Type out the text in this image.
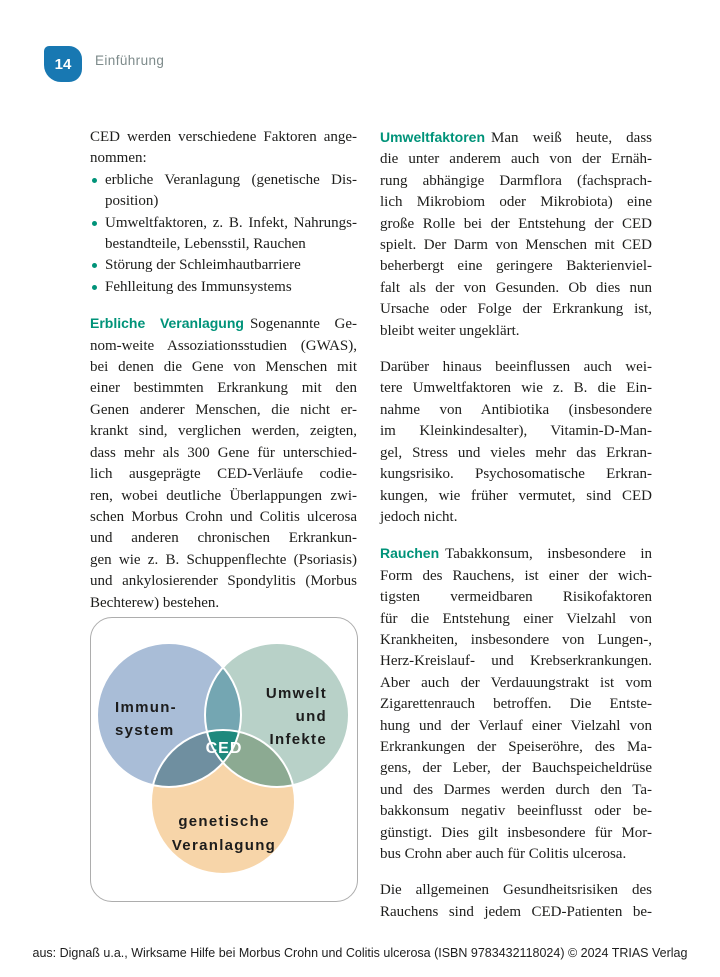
14	Einführung
CED werden verschiedene Faktoren ange-
nommen:
erbliche Veranlagung (genetische Dis-
position)
Umweltfaktoren, z. B. Infekt, Nahrungs-
bestandteile, Lebensstil, Rauchen
Störung der Schleimhautbarriere
Fehlleitung des Immunsystems
Erbliche Veranlagung Sogenannte Ge-
nom-weite Assoziationsstudien (GWAS),
bei denen die Gene von Menschen mit
einer bestimmten Erkrankung mit den
Genen anderer Menschen, die nicht er-
krankt sind, verglichen werden, zeigten,
dass mehr als 300 Gene für unterschied-
lich ausgeprägte CED-Verläufe codie-
ren, wobei deutliche Überlappungen zwi-
schen Morbus Crohn und Colitis ulcerosa
und anderen chronischen Erkrankun-
gen wie z. B. Schuppenflechte (Psoriasis)
und ankylosierender Spondylitis (Morbus
Bechterew) bestehen.
Umweltfaktoren Man weiß heute, dass
die unter anderem auch von der Ernäh-
rung abhängige Darmflora (fachsprach-
lich Mikrobiom oder Mikrobiota) eine
große Rolle bei der Entstehung der CED
spielt. Der Darm von Menschen mit CED
beherbergt eine geringere Bakterienviel-
falt als der von Gesunden. Ob dies nun
Ursache oder Folge der Erkrankung ist,
bleibt weiter ungeklärt.
Darüber hinaus beeinflussen auch wei-
tere Umweltfaktoren wie z. B. die Ein-
nahme von Antibiotika (insbesondere
im Kleinkindesalter), Vitamin-D-Man-
gel, Stress und vieles mehr das Erkran-
kungsrisiko. Psychosomatische Erkran-
kungen, wie früher vermutet, sind CED
jedoch nicht.
Rauchen Tabakkonsum, insbesondere in
Form des Rauchens, ist einer der wich-
tigsten vermeidbaren Risikofaktoren
für die Entstehung einer Vielzahl von
Krankheiten, insbesondere von Lungen-,
Herz-Kreislauf- und Krebserkrankungen.
Aber auch der Verdauungstrakt ist vom
Zigarettenrauch betroffen. Die Entste-
hung und der Verlauf einer Vielzahl von
Erkrankungen der Speiseröhre, des Ma-
gens, der Leber, der Bauchspeicheldrüse
und des Darmes werden durch den Ta-
bakkonsum negativ beeinflusst oder be-
günstigt. Dies gilt insbesondere für Mor-
bus Crohn aber auch für Colitis ulcerosa.
Die allgemeinen Gesundheitsrisiken des
Rauchens sind jedem CED-Patienten be-
Immun-
system
Umwelt
und
Infekte
genetische
Veranlagung
CED
aus: Dignaß u.a., Wirksame Hilfe bei Morbus Crohn und Colitis ulcerosa (ISBN 9783432118024) © 2024 TRIAS Verlag
